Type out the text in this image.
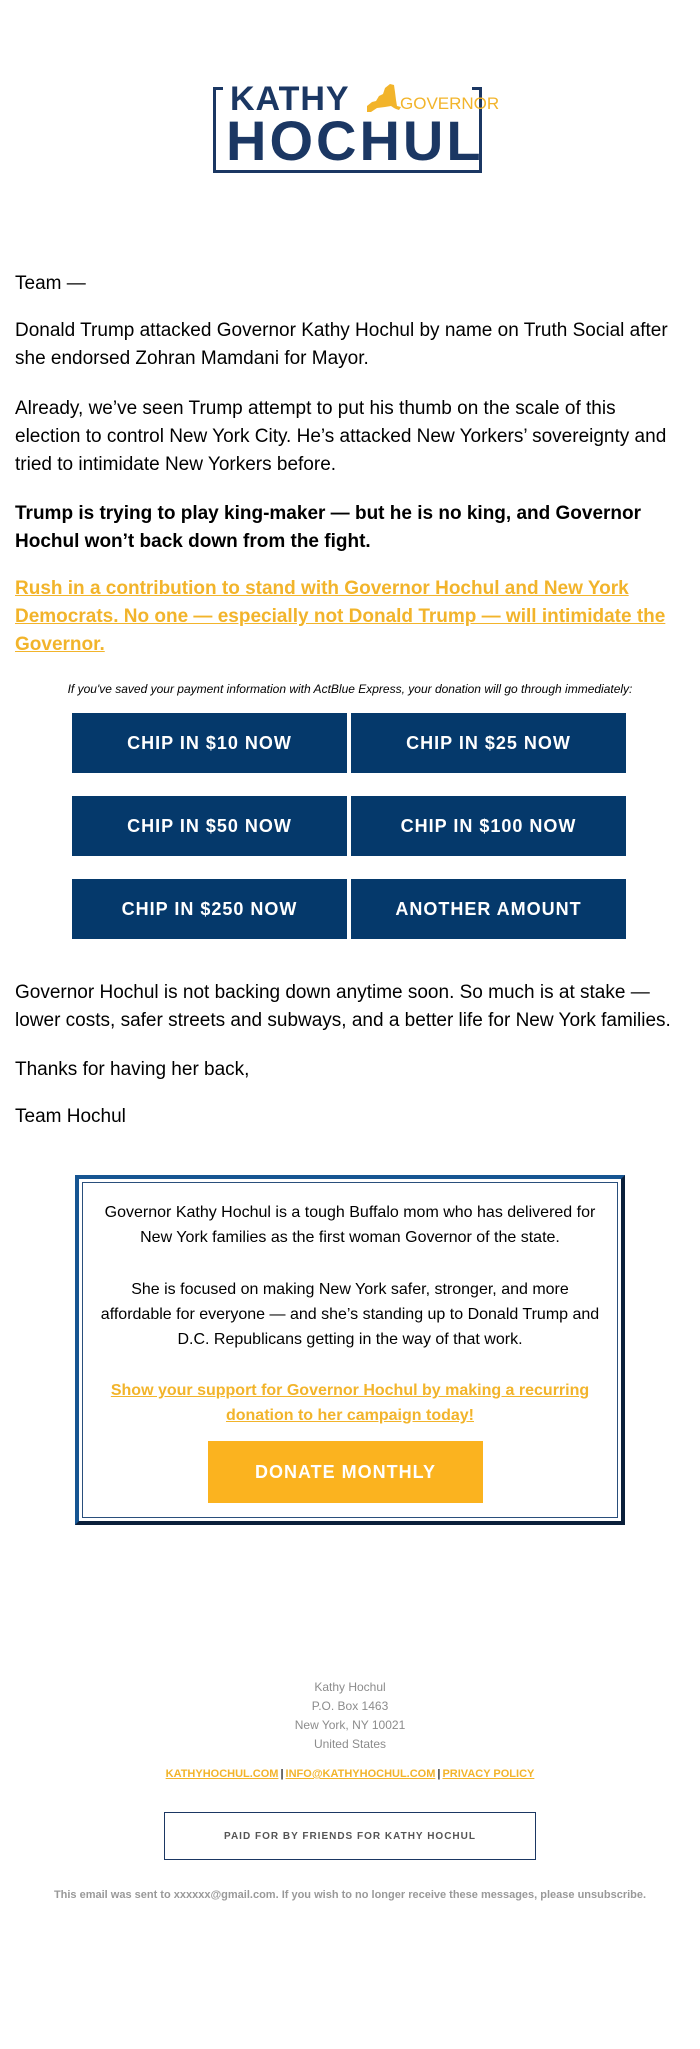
KATHY	GOVERNOR
HOCHUL

Team —

Donald Trump attacked Governor Kathy Hochul by name on Truth Social after she endorsed Zohran Mamdani for Mayor.

Already, we’ve seen Trump attempt to put his thumb on the scale of this election to control New York City. He’s attacked New Yorkers’ sovereignty and tried to intimidate New Yorkers before.

Trump is trying to play king-maker — but he is no king, and Governor Hochul won’t back down from the fight.

Rush in a contribution to stand with Governor Hochul and New York Democrats. No one — especially not Donald Trump — will intimidate the Governor.

If you've saved your payment information with ActBlue Express, your donation will go through immediately:
CHIP IN $10 NOW	CHIP IN $25 NOW
CHIP IN $50 NOW	CHIP IN $100 NOW
CHIP IN $250 NOW	ANOTHER AMOUNT

Governor Hochul is not backing down anytime soon. So much is at stake — lower costs, safer streets and subways, and a better life for New York families.

Thanks for having her back,

Team Hochul

Governor Kathy Hochul is a tough Buffalo mom who has delivered for New York families as the first woman Governor of the state.

She is focused on making New York safer, stronger, and more affordable for everyone — and she’s standing up to Donald Trump and D.C. Republicans getting in the way of that work.

Show your support for Governor Hochul by making a recurring donation to her campaign today!
DONATE MONTHLY
Kathy Hochul
P.O. Box 1463
New York, NY 10021
United States
KATHYHOCHUL.COM | INFO@KATHYHOCHUL.COM | PRIVACY POLICY
PAID FOR BY FRIENDS FOR KATHY HOCHUL
This email was sent to xxxxxx@gmail.com. If you wish to no longer receive these messages, please unsubscribe.
